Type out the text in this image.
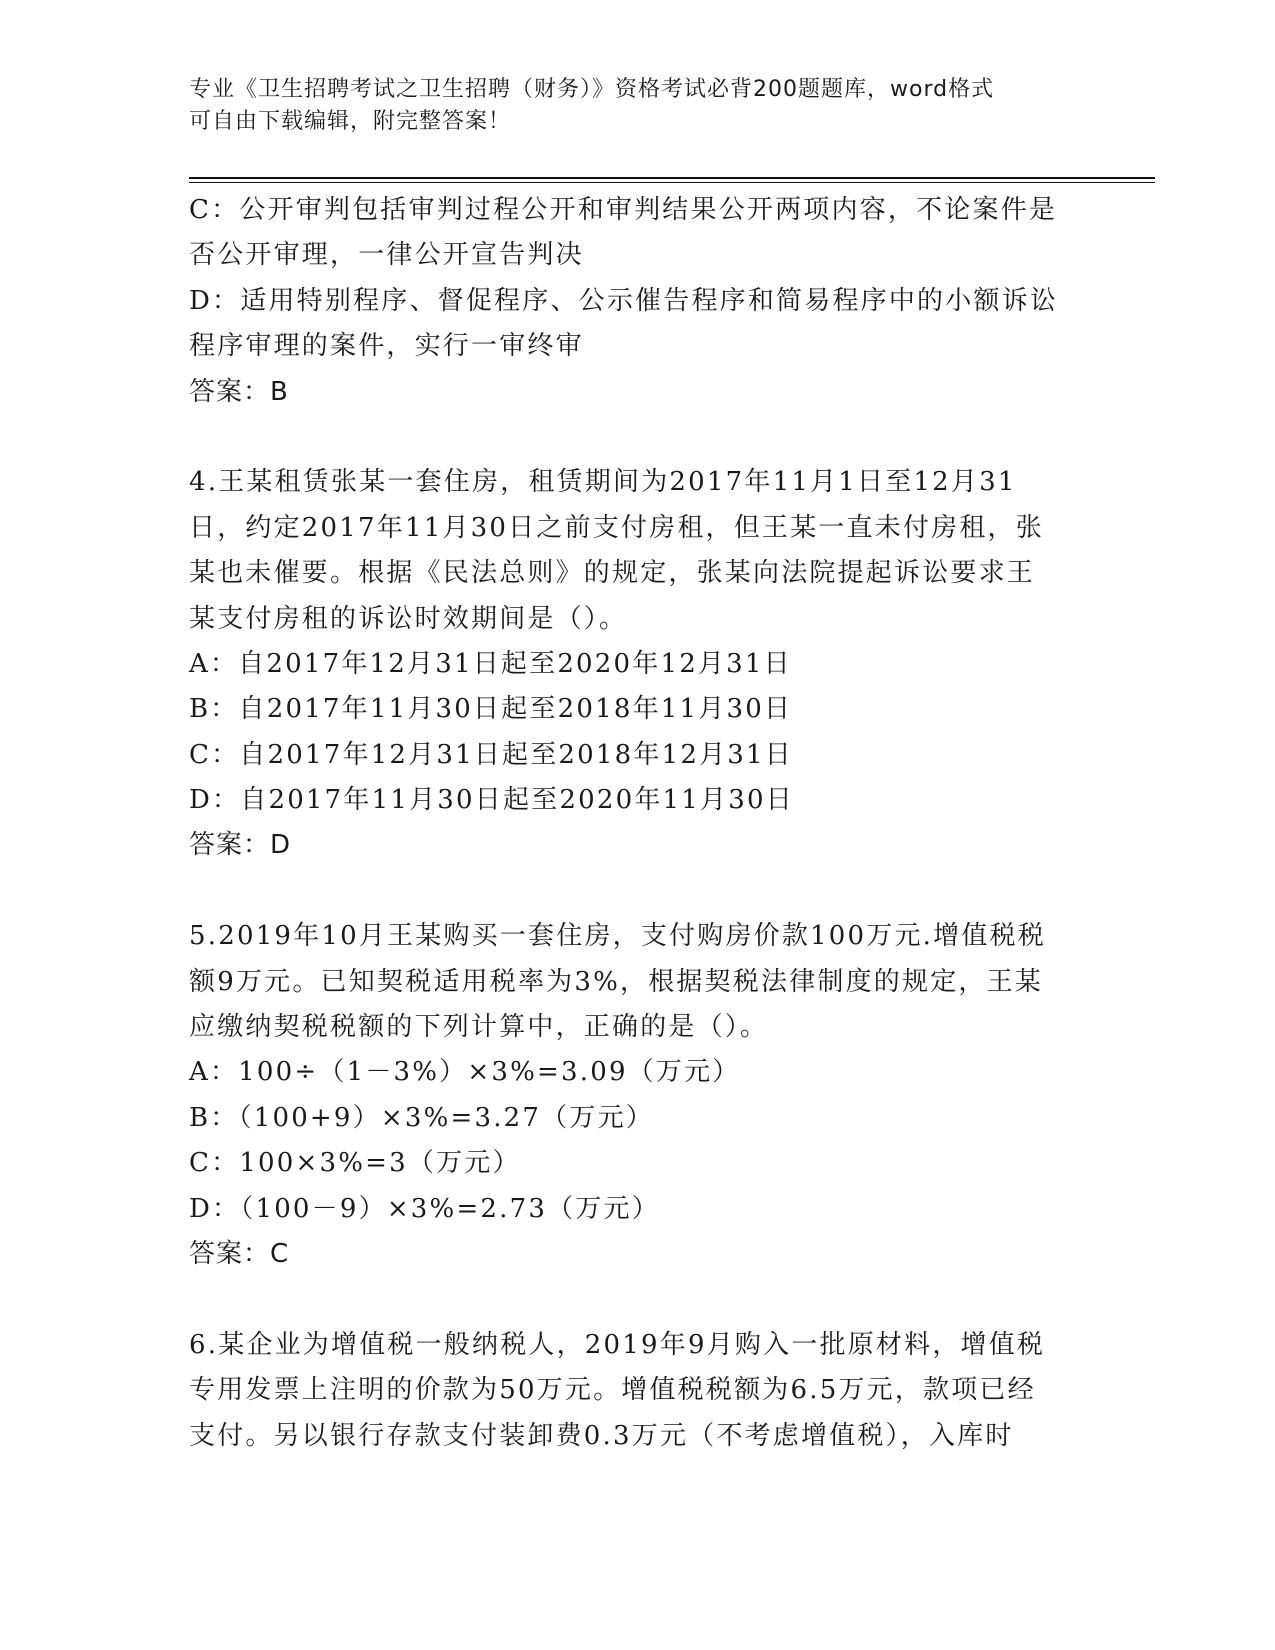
专业《卫生招聘考试之卫生招聘（财务）》资格考试必背200题题库，word格式
可自由下载编辑，附完整答案！
C：公开审判包括审判过程公开和审判结果公开两项内容，不论案件是
否公开审理，一律公开宣告判决
D：适用特别程序、督促程序、公示催告程序和简易程序中的小额诉讼
程序审理的案件，实行一审终审
答案：B
4.王某租赁张某一套住房，租赁期间为2017年11月1日至12月31
日，约定2017年11月30日之前支付房租，但王某一直未付房租，张
某也未催要。根据《民法总则》的规定，张某向法院提起诉讼要求王
某支付房租的诉讼时效期间是（）。
A：自2017年12月31日起至2020年12月31日
B：自2017年11月30日起至2018年11月30日
C：自2017年12月31日起至2018年12月31日
D：自2017年11月30日起至2020年11月30日
答案：D
5.2019年10月王某购买一套住房，支付购房价款100万元.增值税税
额9万元。已知契税适用税率为3%，根据契税法律制度的规定，王某
应缴纳契税税额的下列计算中，正确的是（）。
A：100÷（1－3%）×3%=3.09（万元）
B：（100+9）×3%=3.27（万元）
C：100×3%=3（万元）
D：（100－9）×3%=2.73（万元）
答案：C
6.某企业为增值税一般纳税人，2019年9月购入一批原材料，增值税
专用发票上注明的价款为50万元。增值税税额为6.5万元，款项已经
支付。另以银行存款支付装卸费0.3万元（不考虑增值税），入库时
